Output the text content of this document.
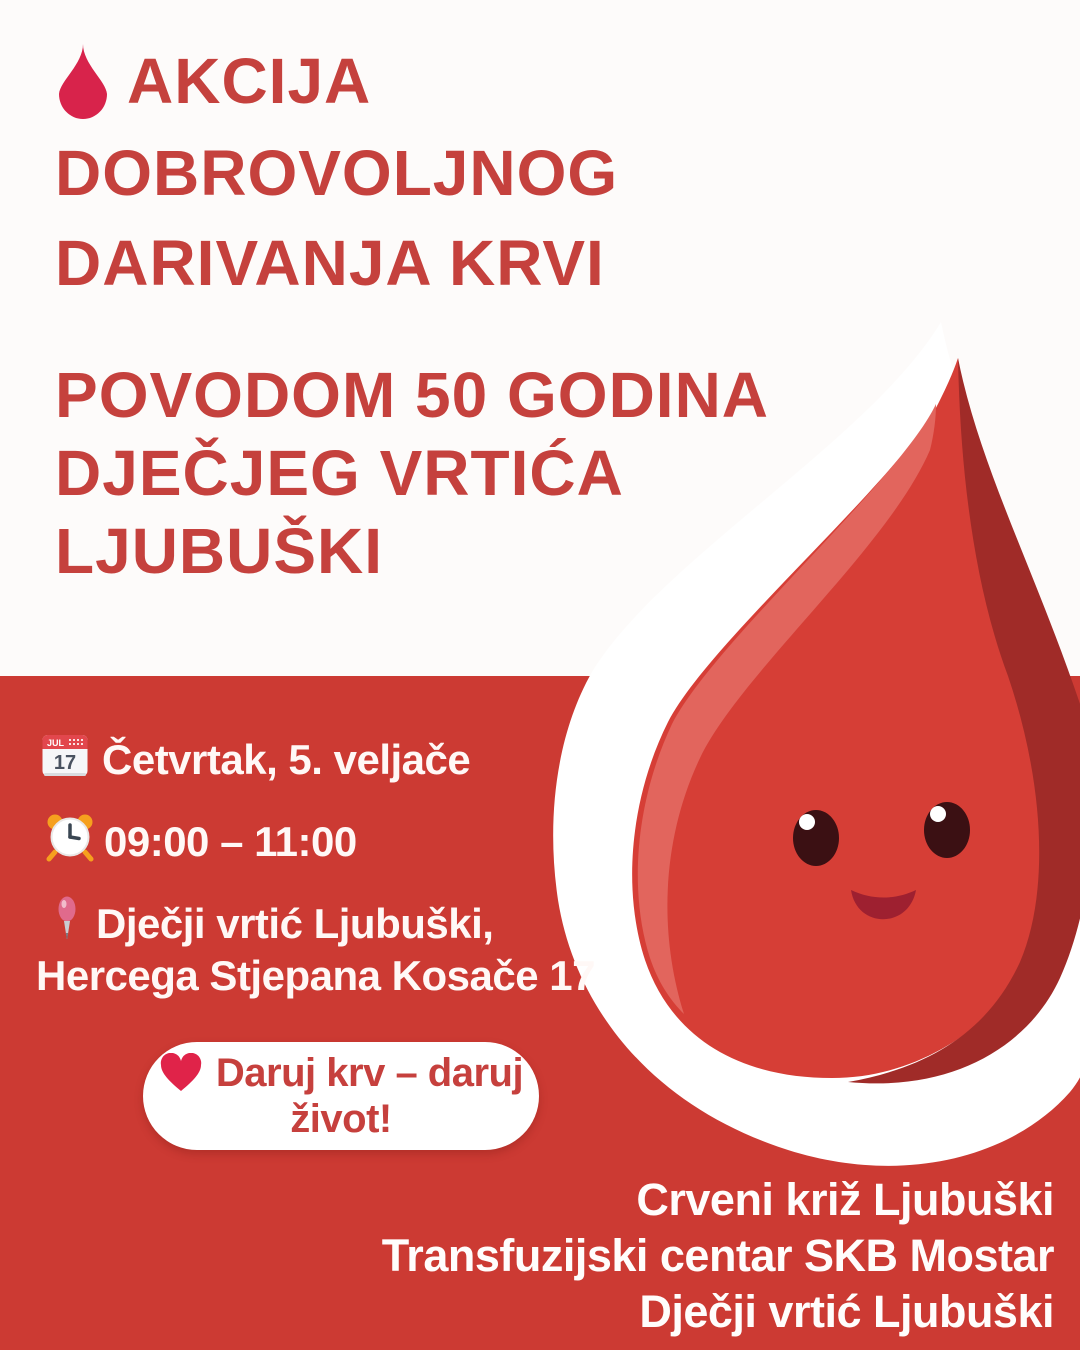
AKCIJA
DOBROVOLJNOG
DARIVANJA KRVI
POVODOM 50 GODINA
DJEČJEG VRTIĆA
LJUBUŠKI
JUL
17 Četvrtak, 5. veljače
09:00 – 11:00
Dječji vrtić Ljubuški,
Hercega Stjepana Kosače 17
Daruj krv – daruj
život!
Crveni križ Ljubuški
Transfuzijski centar SKB Mostar
Dječji vrtić Ljubuški
